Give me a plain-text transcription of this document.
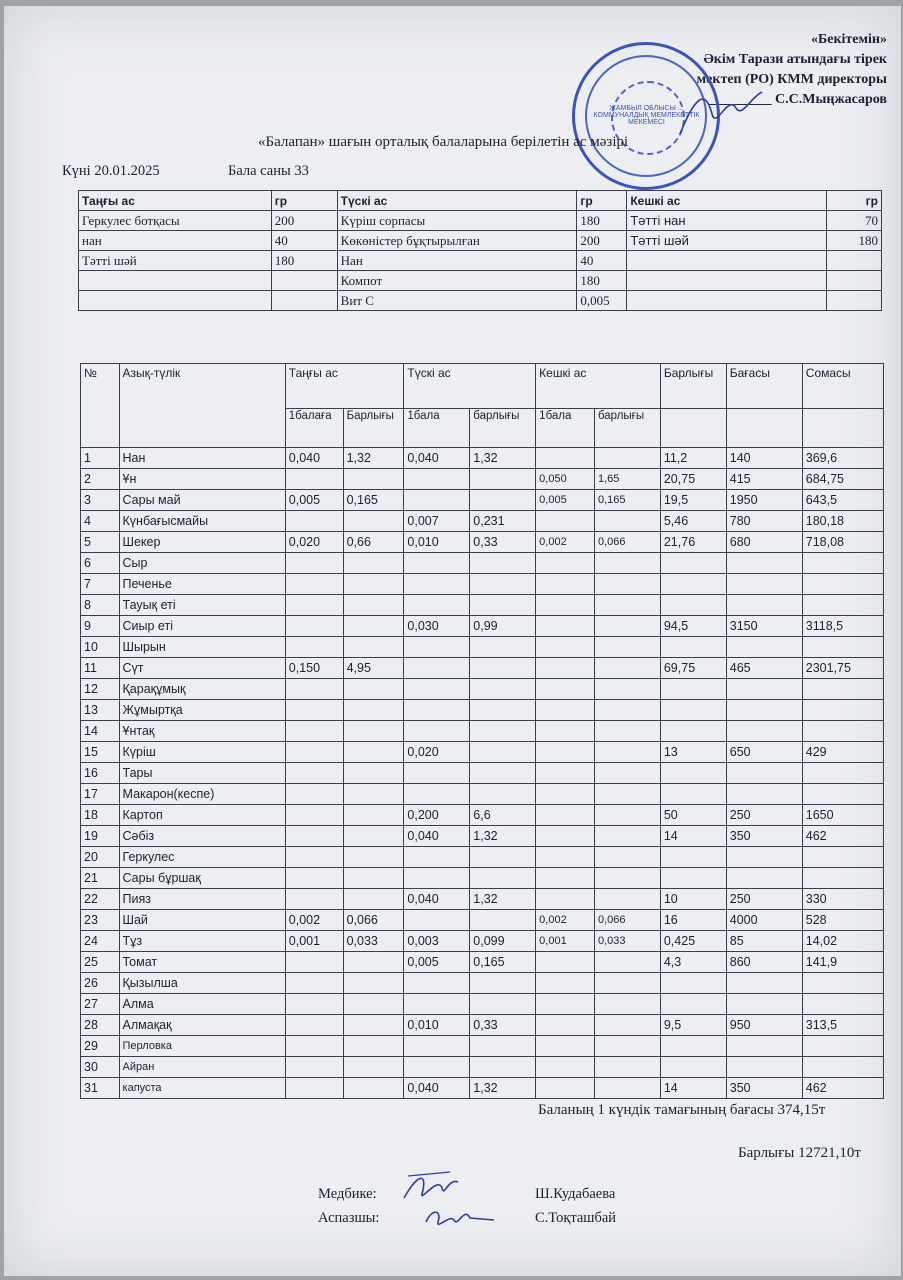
«Бекітемін»
Әкім Тарази атындағы тірек
мектеп (РО) КММ директоры
_________ С.С.Мыңжасаров
ЖАМБЫЛ ОБЛЫСЫ ... КОММУНАЛДЫҚ МЕМЛЕКЕТТІК МЕКЕМЕСІ
«Балапан» шағын орталық балаларына берілетін ас мәзірі
Күні 20.01.2025	Бала саны 33
Таңғы ас	гр	Түскі ас	гр	Кешкі ас	гр
Геркулес ботқасы	200	Күріш сорпасы	180	Тәтті нан	70
нан	40	Көкөністер бұқтырылған	200	Тәтті шәй	180
Тәтті шәй	180	Нан	40		
		Компот	180		
		Вит С	0,005		
№	Азық-түлік	Таңғы ас		Түскі ас		Кешкі ас		Барлығы	Бағасы	Сомасы
		1балаға	Барлығы	1бала	барлығы	1бала	барлығы			
1	Нан	0,040	1,32	0,040	1,32			11,2	140	369,6
2	Ұн					0,050	1,65	20,75	415	684,75
3	Сары май	0,005	0,165			0,005	0,165	19,5	1950	643,5
4	Күнбағысмайы			0,007	0,231			5,46	780	180,18
5	Шекер	0,020	0,66	0,010	0,33	0,002	0,066	21,76	680	718,08
6	Сыр									
7	Печенье									
8	Тауық еті									
9	Сиыр еті			0,030	0,99			94,5	3150	3118,5
10	Шырын									
11	Сүт	0,150	4,95					69,75	465	2301,75
12	Қарақұмық									
13	Жұмыртқа									
14	Ұнтақ									
15	Күріш			0,020				13	650	429
16	Тары									
17	Макарон(кеспе)									
18	Картоп			0,200	6,6			50	250	1650
19	Сәбіз			0,040	1,32			14	350	462
20	Геркулес									
21	Сары бұршақ									
22	Пияз			0,040	1,32			10	250	330
23	Шай	0,002	0,066			0,002	0,066	16	4000	528
24	Тұз	0,001	0,033	0,003	0,099	0,001	0,033	0,425	85	14,02
25	Томат			0,005	0,165			4,3	860	141,9
26	Қызылша									
27	Алма									
28	Алмақақ			0,010	0,33			9,5	950	313,5
29	Перловка									
30	Айран									
31	капуста			0,040	1,32			14	350	462
Баланың 1 күндік тамағының бағасы 374,15т
Барлығы 12721,10т
Медбике:	Ш.Кудабаева
Аспазшы:	С.Тоқташбай
